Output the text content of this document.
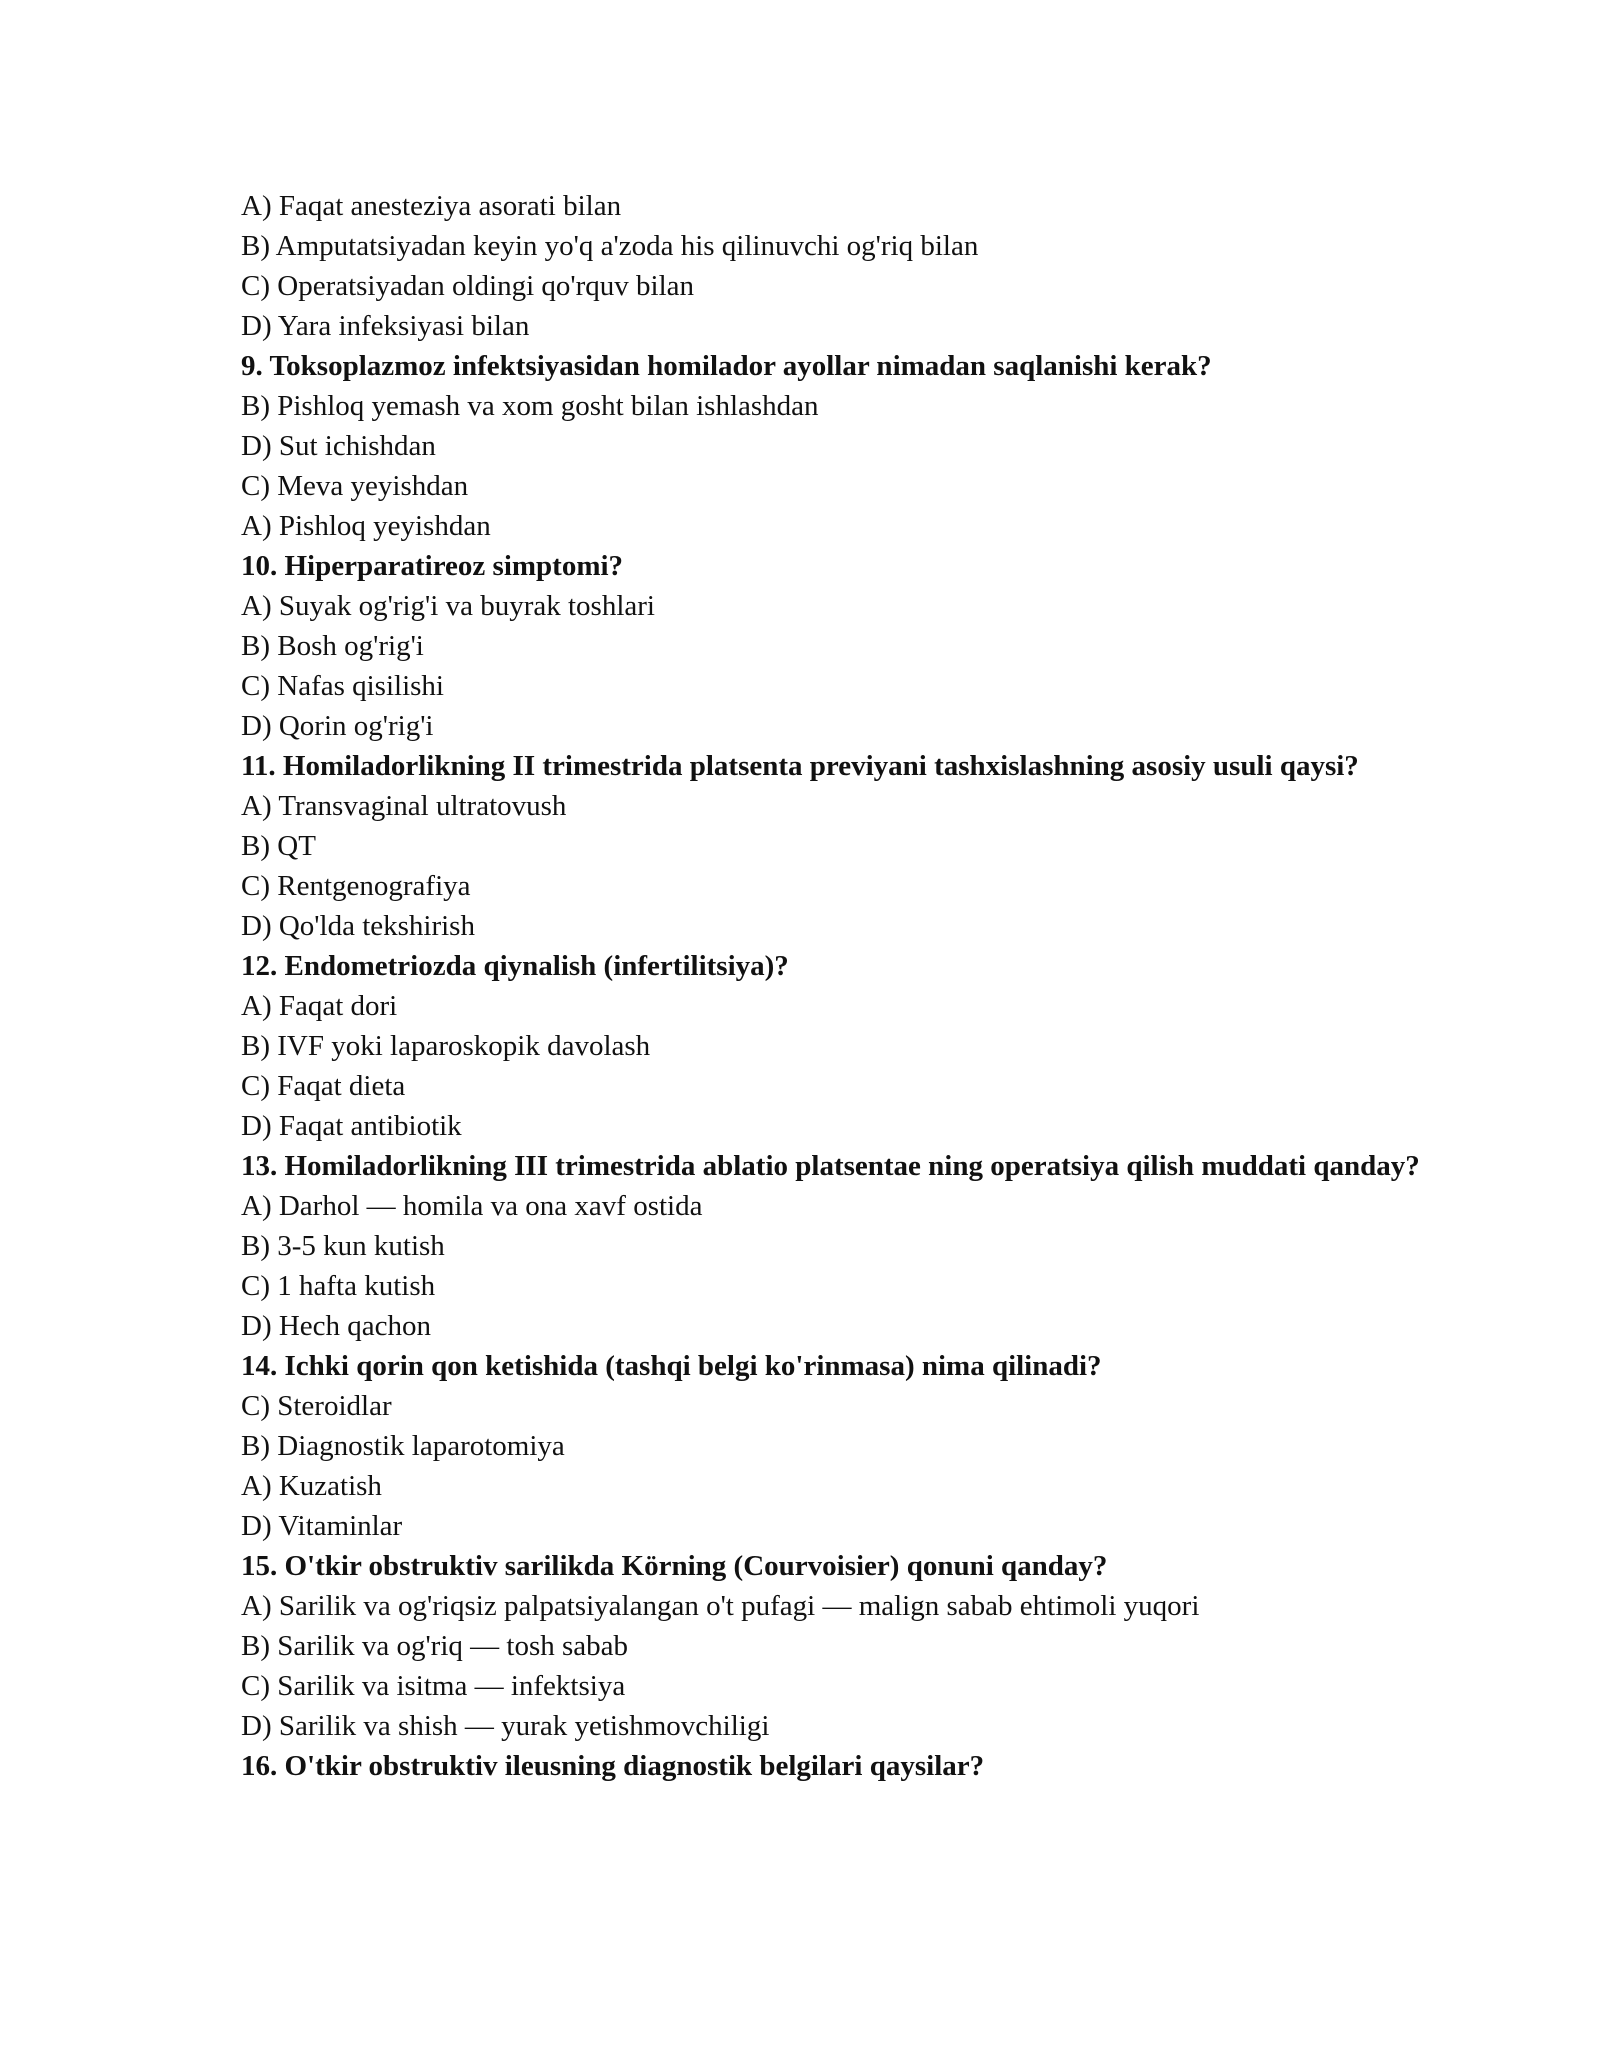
A) Faqat anesteziya asorati bilan
B) Amputatsiyadan keyin yo'q a'zoda his qilinuvchi og'riq bilan
C) Operatsiyadan oldingi qo'rquv bilan
D) Yara infeksiyasi bilan
9. Toksoplazmoz infektsiyasidan homilador ayollar nimadan saqlanishi kerak?
B) Pishloq yemash va xom gosht bilan ishlashdan
D) Sut ichishdan
C) Meva yeyishdan
A) Pishloq yeyishdan
10. Hiperparatireoz simptomi?
A) Suyak og'rig'i va buyrak toshlari
B) Bosh og'rig'i
C) Nafas qisilishi
D) Qorin og'rig'i
11. Homiladorlikning II trimestrida platsenta previyani tashxislashning asosiy usuli qaysi?
A) Transvaginal ultratovush
B) QT
C) Rentgenografiya
D) Qo'lda tekshirish
12. Endometriozda qiynalish (infertilitsiya)?
A) Faqat dori
B) IVF yoki laparoskopik davolash
C) Faqat dieta
D) Faqat antibiotik
13. Homiladorlikning III trimestrida ablatio platsentae ning operatsiya qilish muddati qanday?
A) Darhol — homila va ona xavf ostida
B) 3-5 kun kutish
C) 1 hafta kutish
D) Hech qachon
14. Ichki qorin qon ketishida (tashqi belgi ko'rinmasa) nima qilinadi?
C) Steroidlar
B) Diagnostik laparotomiya
A) Kuzatish
D) Vitaminlar
15. O'tkir obstruktiv sarilikda Körning (Courvoisier) qonuni qanday?
A) Sarilik va og'riqsiz palpatsiyalangan o't pufagi — malign sabab ehtimoli yuqori
B) Sarilik va og'riq — tosh sabab
C) Sarilik va isitma — infektsiya
D) Sarilik va shish — yurak yetishmovchiligi
16. O'tkir obstruktiv ileusning diagnostik belgilari qaysilar?
